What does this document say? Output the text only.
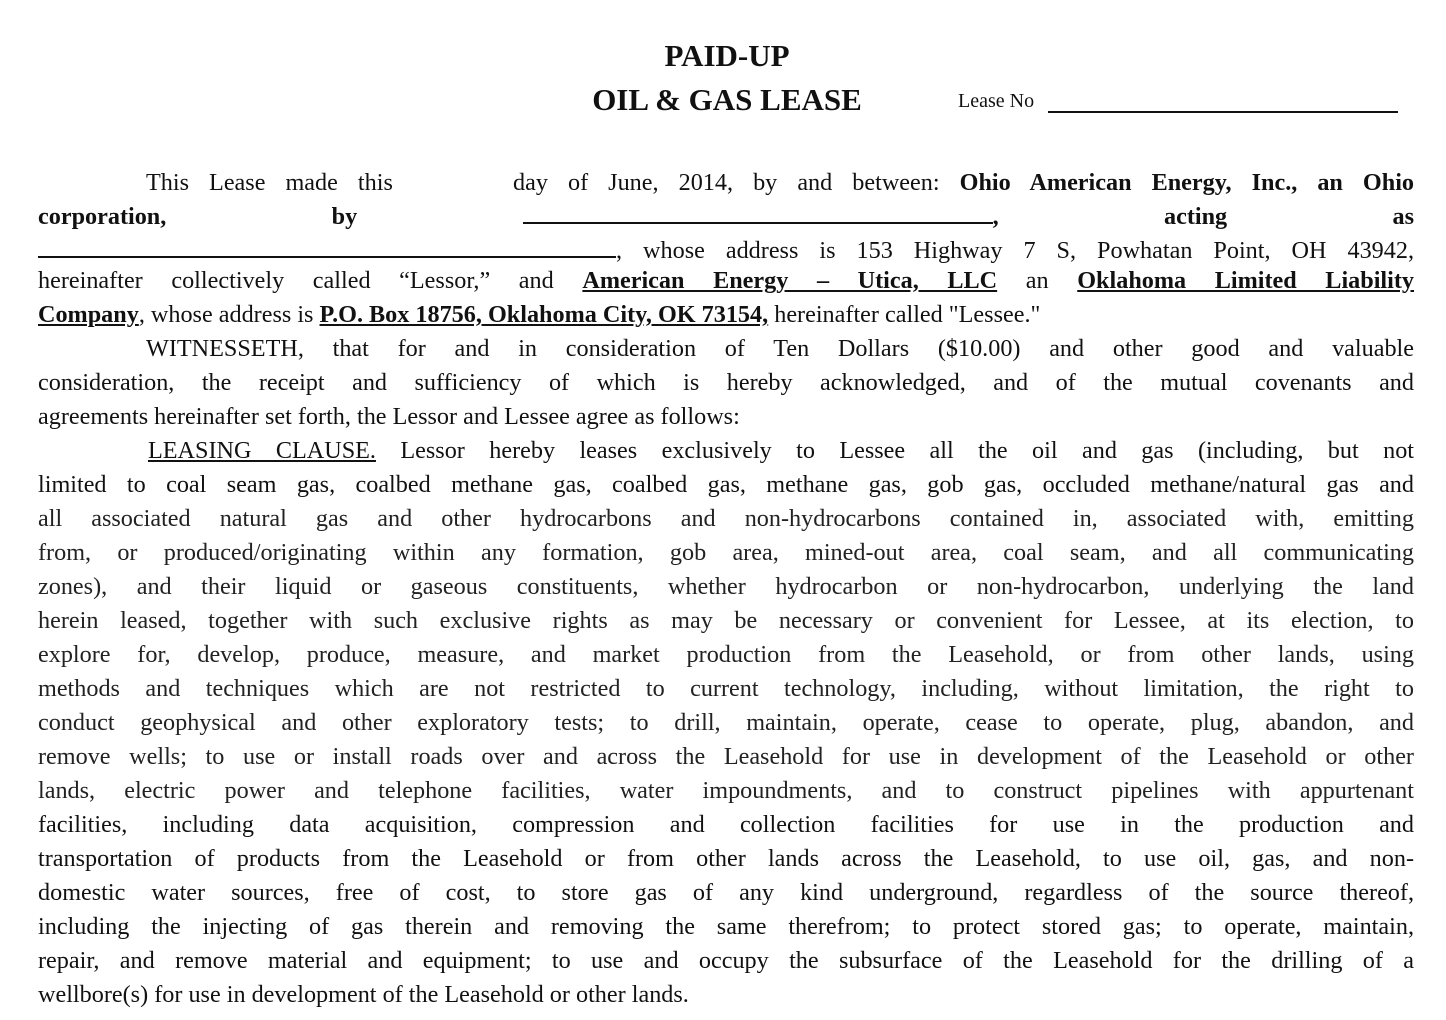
PAID-UP
OIL & GAS LEASE	Lease No
This Lease made this	day of June, 2014, by and between: Ohio American Energy, Inc., an Ohio
corporation,	by	,	acting	as
, whose address is 153 Highway 7 S, Powhatan Point, OH 43942,
hereinafter collectively called “Lessor,” and American Energy – Utica, LLC an Oklahoma Limited Liability
Company, whose address is P.O. Box 18756, Oklahoma City, OK 73154, hereinafter called "Lessee."
WITNESSETH, that for and in consideration of Ten Dollars ($10.00) and other good and valuable
consideration, the receipt and sufficiency of which is hereby acknowledged, and of the mutual covenants and
agreements hereinafter set forth, the Lessor and Lessee agree as follows:
LEASING CLAUSE. Lessor hereby leases exclusively to Lessee all the oil and gas (including, but not
limited to coal seam gas, coalbed methane gas, coalbed gas, methane gas, gob gas, occluded methane/natural gas and
all associated natural gas and other hydrocarbons and non-hydrocarbons contained in, associated with, emitting
from, or produced/originating within any formation, gob area, mined-out area, coal seam, and all communicating
zones), and their liquid or gaseous constituents, whether hydrocarbon or non-hydrocarbon, underlying the land
herein leased, together with such exclusive rights as may be necessary or convenient for Lessee, at its election, to
explore for, develop, produce, measure, and market production from the Leasehold, or from other lands, using
methods and techniques which are not restricted to current technology, including, without limitation, the right to
conduct geophysical and other exploratory tests; to drill, maintain, operate, cease to operate, plug, abandon, and
remove wells; to use or install roads over and across the Leasehold for use in development of the Leasehold or other
lands, electric power and telephone facilities, water impoundments, and to construct pipelines with appurtenant
facilities, including data acquisition, compression and collection facilities for use in the production and
transportation of products from the Leasehold or from other lands across the Leasehold, to use oil, gas, and non-
domestic water sources, free of cost, to store gas of any kind underground, regardless of the source thereof,
including the injecting of gas therein and removing the same therefrom; to protect stored gas; to operate, maintain,
repair, and remove material and equipment; to use and occupy the subsurface of the Leasehold for the drilling of a
wellbore(s) for use in development of the Leasehold or other lands.
